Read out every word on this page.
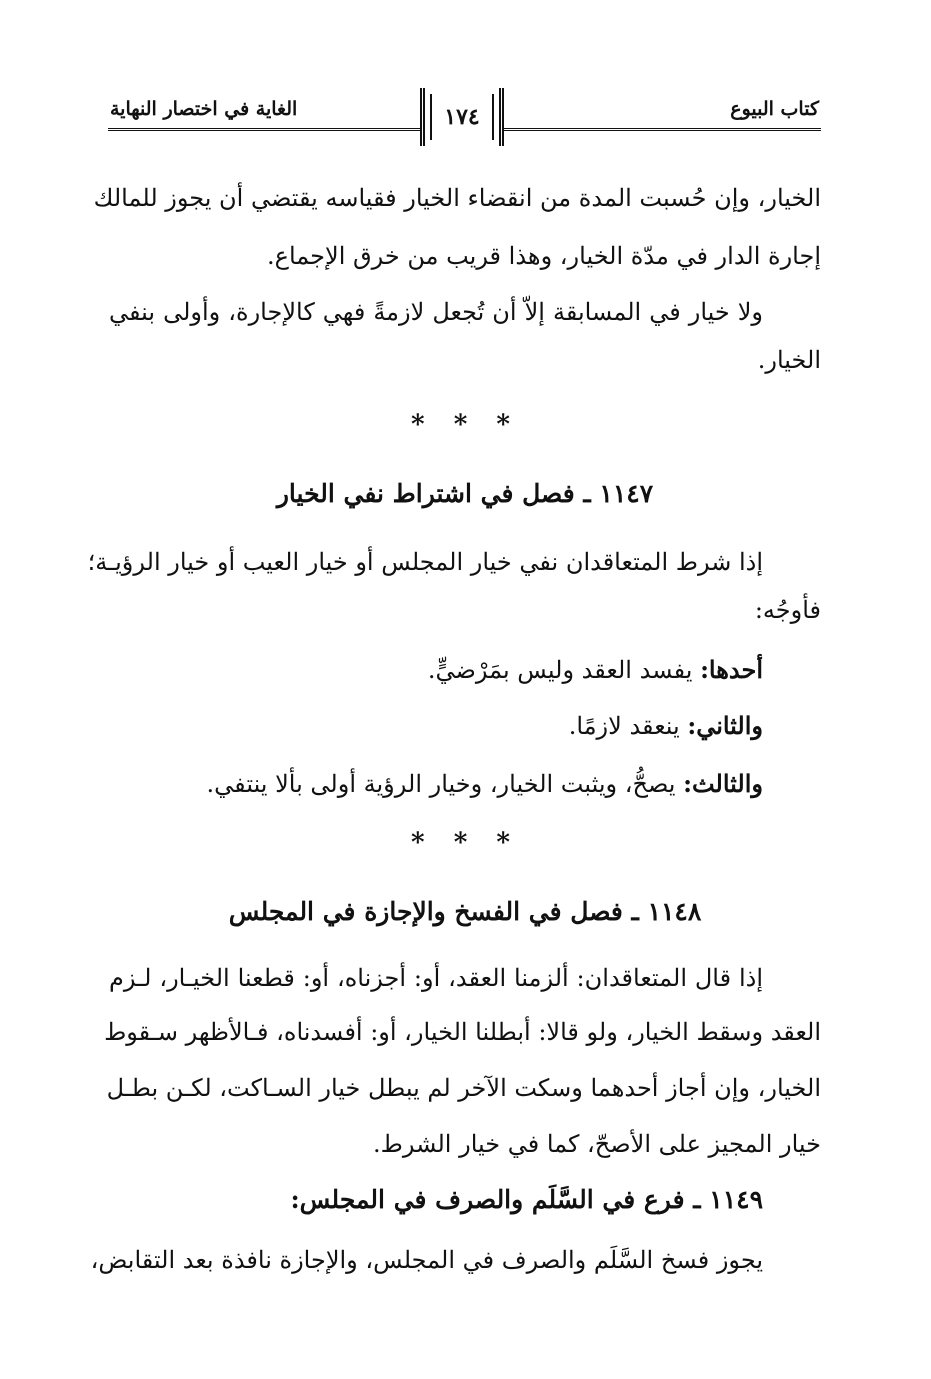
كتاب البيوع
الغاية في اختصار النهاية	١٧٤
الخيار، وإن حُسبت المدة من انقضاء الخيار فقياسه يقتضي أن يجوز للمالك
إجارة الدار في مدّة الخيار، وهذا قريب من خرق الإجماع.
ولا خيار في المسابقة إلاّ أن تُجعل لازمةً فهي كالإجارة، وأولى بنفي
الخيار.
* * *
١١٤٧ ـ فصل في اشتراط نفي الخيار
إذا شرط المتعاقدان نفي خيار المجلس أو خيار العيب أو خيار الرؤيـة؛
فأوجُه:
أحدها: يفسد العقد وليس بمَرْضيٍّ.
والثاني: ينعقد لازمًا.
والثالث: يصحُّ، ويثبت الخيار، وخيار الرؤية أولى بألا ينتفي.
* * *
١١٤٨ ـ فصل في الفسخ والإجازة في المجلس
إذا قال المتعاقدان: ألزمنا العقد، أو: أجزناه، أو: قطعنا الخيـار، لـزم
العقد وسقط الخيار، ولو قالا: أبطلنا الخيار، أو: أفسدناه، فـالأظهر سـقوط
الخيار، وإن أجاز أحدهما وسكت الآخر لم يبطل خيار السـاكت، لكـن بطـل
خيار المجيز على الأصحّ، كما في خيار الشرط.
١١٤٩ ـ فرع في السَّلَم والصرف في المجلس:
يجوز فسخ السَّلَم والصرف في المجلس، والإجازة نافذة بعد التقابض،
